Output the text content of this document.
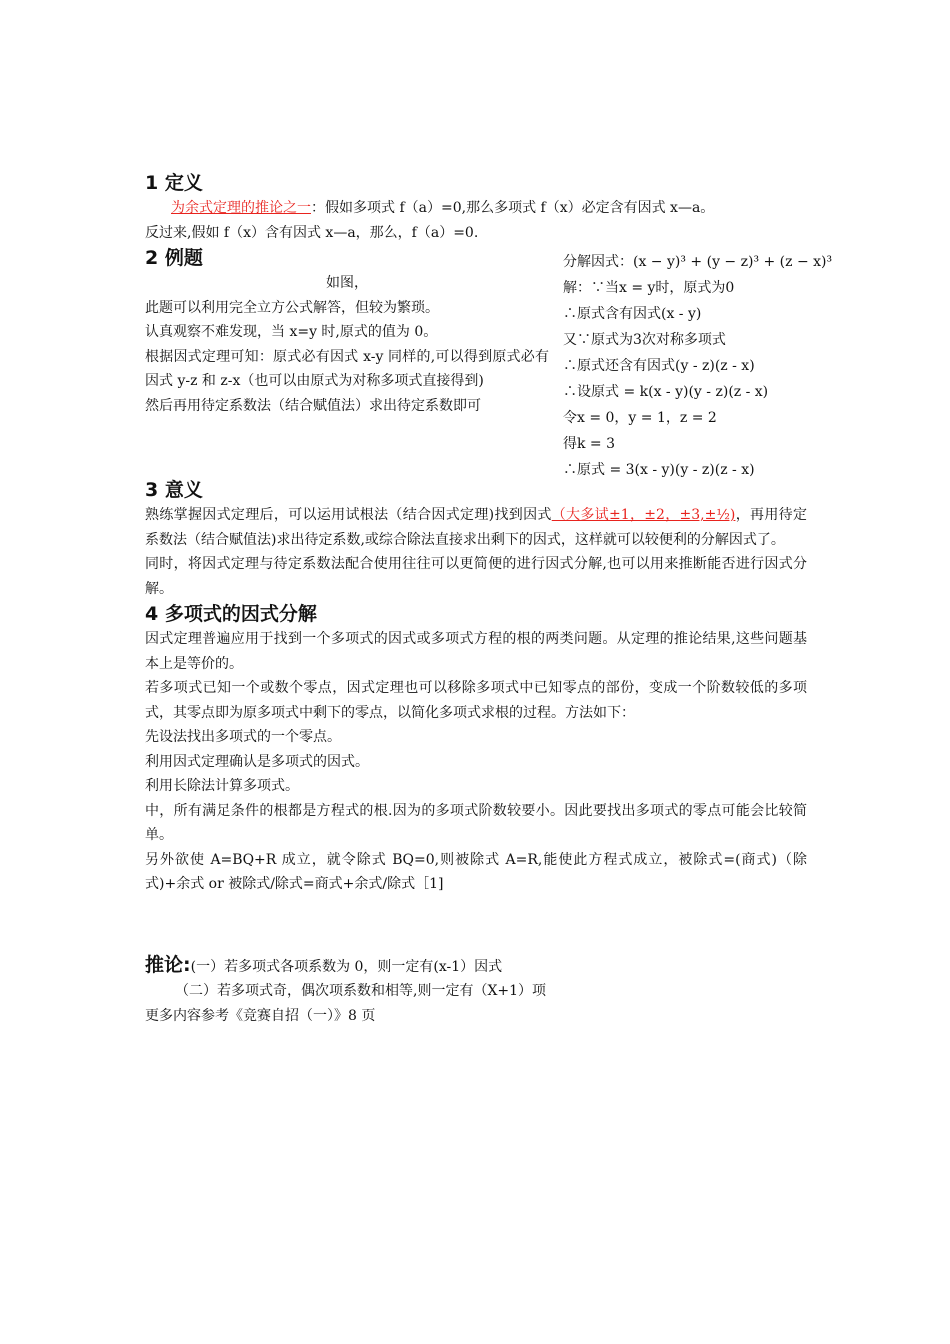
1 定义

为余式定理的推论之一：假如多项式 f（a）=0,那么多项式 f（x）必定含有因式 x—a。

反过来,假如 f（x）含有因式 x—a，那么，f（a）=0.

2 例题

如图，

此题可以利用完全立方公式解答，但较为繁琐。

认真观察不难发现，当 x=y 时,原式的值为 0。

根据因式定理可知：原式必有因式 x-y 同样的,可以得到原式必有因式 y-z 和 z-x（也可以由原式为对称多项式直接得到)

然后再用待定系数法（结合赋值法）求出待定系数即可

分解因式：(x − y)³ + (y − z)³ + (z − x)³
解：∵当x = y时，原式为0
∴原式含有因式(x - y)
又∵原式为3次对称多项式
∴原式还含有因式(y - z)(z - x)
∴设原式 = k(x - y)(y - z)(z - x)
令x = 0，y = 1，z = 2
得k = 3
∴原式 = 3(x - y)(y - z)(z - x)
3 意义

熟练掌握因式定理后，可以运用试根法（结合因式定理)找到因式（大多试±1，±2，±3,±½)，再用待定系数法（结合赋值法)求出待定系数,或综合除法直接求出剩下的因式，这样就可以较便利的分解因式了。

同时，将因式定理与待定系数法配合使用往往可以更简便的进行因式分解,也可以用来推断能否进行因式分解。

4 多项式的因式分解

因式定理普遍应用于找到一个多项式的因式或多项式方程的根的两类问题。从定理的推论结果,这些问题基本上是等价的。

若多项式已知一个或数个零点，因式定理也可以移除多项式中已知零点的部份，变成一个阶数较低的多项式，其零点即为原多项式中剩下的零点，以简化多项式求根的过程。方法如下：

先设法找出多项式的一个零点。

利用因式定理确认是多项式的因式。

利用长除法计算多项式。

中，所有满足条件的根都是方程式的根.因为的多项式阶数较要小。因此要找出多项式的零点可能会比较简单。

另外欲使 A=BQ+R 成立，就令除式 BQ=0,则被除式 A=R,能使此方程式成立，被除式=(商式)（除式)+余式 or 被除式/除式=商式+余式/除式［1]

推论:(一）若多项式各项系数为 0，则一定有(x-1）因式

（二）若多项式奇，偶次项系数和相等,则一定有（X+1）项

更多内容参考《竞赛自招（一）》8 页
